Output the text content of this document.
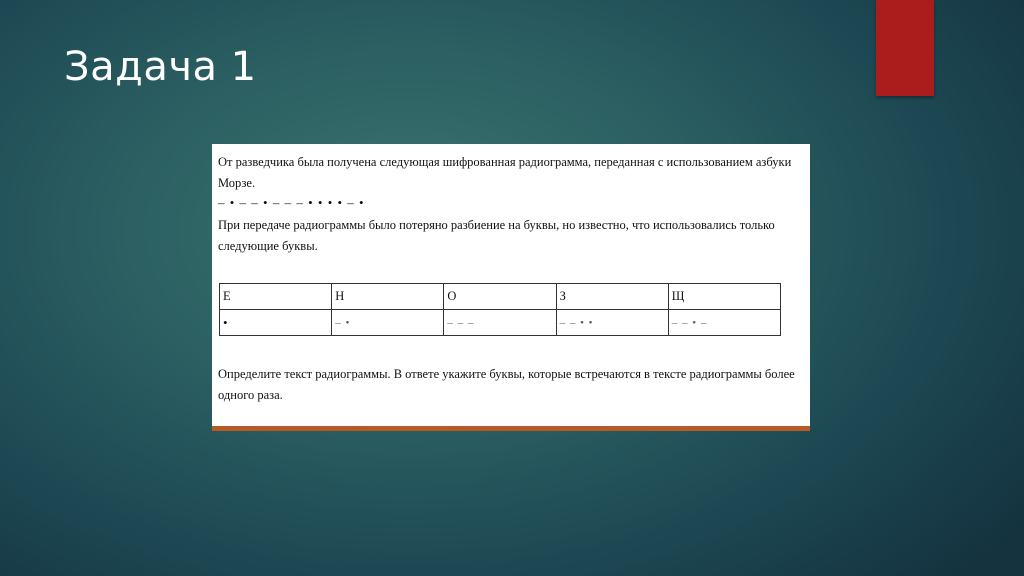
Задача 1

От разведчика была получена следующая шифрованная радиограмма, переданная с использованием азбуки Морзе.

– • – – • – – – • • • • – •

При передаче радиограммы было потеряно разбиение на буквы, но известно, что использовались только следующие буквы.

Е	Н	О	З	Щ
•	– •	– – –	– – • •	– – • –

Определите текст радиограммы. В ответе укажите буквы, которые встречаются в тексте радиограммы более одного раза.
